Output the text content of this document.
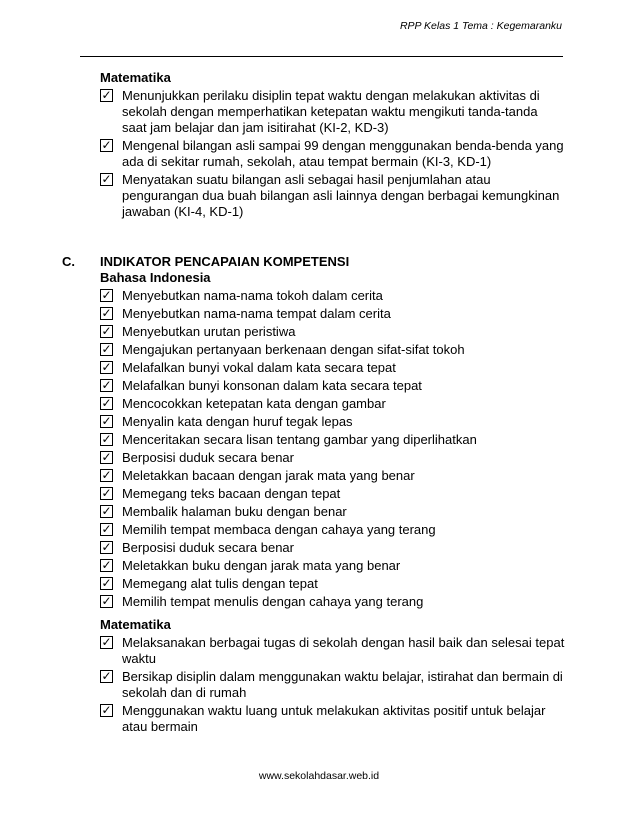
RPP Kelas 1 Tema : Kegemaranku
Matematika
✓ Menunjukkan perilaku disiplin tepat waktu dengan melakukan aktivitas di sekolah dengan memperhatikan ketepatan waktu mengikuti tanda-tanda saat jam belajar dan jam isitirahat (KI-2, KD-3)
✓ Mengenal bilangan asli sampai 99 dengan menggunakan benda-benda yang ada di sekitar rumah, sekolah, atau tempat bermain (KI-3, KD-1)
✓ Menyatakan suatu bilangan asli sebagai hasil penjumlahan atau pengurangan dua buah bilangan asli lainnya dengan berbagai kemungkinan jawaban (KI-4, KD-1)
C. INDIKATOR PENCAPAIAN KOMPETENSI
Bahasa Indonesia
✓ Menyebutkan nama-nama tokoh dalam cerita
✓ Menyebutkan nama-nama tempat dalam cerita
✓ Menyebutkan urutan peristiwa
✓ Mengajukan pertanyaan berkenaan dengan sifat-sifat tokoh
✓ Melafalkan bunyi vokal dalam kata secara tepat
✓ Melafalkan bunyi konsonan dalam kata secara tepat
✓ Mencocokkan ketepatan kata dengan gambar
✓ Menyalin kata dengan huruf tegak lepas
✓ Menceritakan secara lisan tentang gambar yang diperlihatkan
✓ Berposisi duduk secara benar
✓ Meletakkan bacaan dengan jarak mata yang benar
✓ Memegang teks bacaan dengan tepat
✓ Membalik halaman buku dengan benar
✓ Memilih tempat membaca dengan cahaya yang terang
✓ Berposisi duduk secara benar
✓ Meletakkan buku dengan jarak mata yang benar
✓ Memegang alat tulis dengan tepat
✓ Memilih tempat menulis dengan cahaya yang terang
Matematika
✓ Melaksanakan berbagai tugas di sekolah dengan hasil baik dan selesai tepat waktu
✓ Bersikap disiplin dalam menggunakan waktu belajar, istirahat dan bermain di sekolah dan di rumah
✓ Menggunakan waktu luang untuk melakukan aktivitas positif untuk belajar atau bermain
www.sekolahdasar.web.id
